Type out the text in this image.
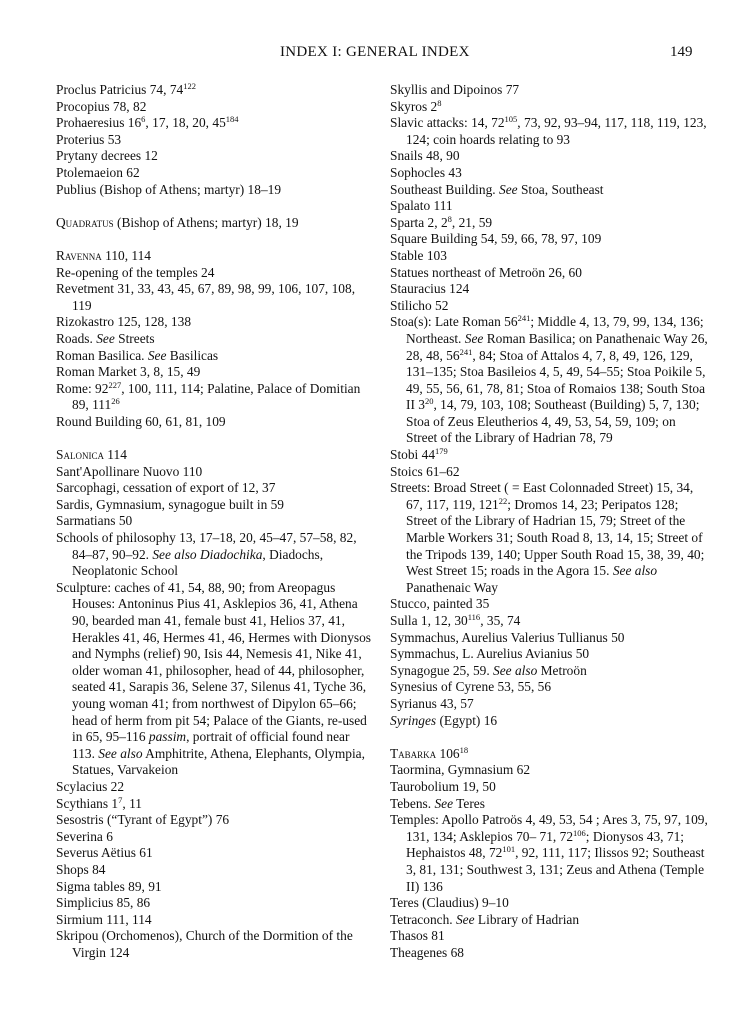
INDEX I: GENERAL INDEX	149
Proclus Patricius 74, $74^{122}$
Procopius 78, 82
Prohaeresius $16^6$, 17, 18, 20, $45^{184}$
Proterius 53
Prytany decrees 12
Ptolemaeion 62
Publius (Bishop of Athens; martyr) 18–19
Quadratus (Bishop of Athens; martyr) 18, 19
Ravenna 110, 114
Re-opening of the temples 24
Revetment 31, 33, 43, 45, 67, 89, 98, 99, 106, 107, 108, 119
Rizokastro 125, 128, 138
Roads. See Streets
Roman Basilica. See Basilicas
Roman Market 3, 8, 15, 49
Rome: $92^{227}$, 100, 111, 114; Palatine, Palace of Domitian 89, $111^{26}$
Round Building 60, 61, 81, 109
Salonica 114
Sant'Apollinare Nuovo 110
Sarcophagi, cessation of export of 12, 37
Sardis, Gymnasium, synagogue built in 59
Sarmatians 50
Schools of philosophy 13, 17–18, 20, 45–47, 57–58, 82, 84–87, 90–92. See also Diadochika, Diadochs, Neoplatonic School
Sculpture: caches of 41, 54, 88, 90; from Areopagus Houses: Antoninus Pius 41, Asklepios 36, 41, Athena 90, bearded man 41, female bust 41, Helios 37, 41, Herakles 41, 46, Hermes 41, 46, Hermes with Dionysos and Nymphs (relief) 90, Isis 44, Nemesis 41, Nike 41, older woman 41, philosopher, head of 44, philosopher, seated 41, Sarapis 36, Selene 37, Silenus 41, Tyche 36, young woman 41; from northwest of Dipylon 65–66; head of herm from pit 54; Palace of the Giants, re-used in 65, 95–116 passim, portrait of official found near 113. See also Amphitrite, Athena, Elephants, Olympia, Statues, Varvakeion
Scylacius 22
Scythians $1^7$, 11
Sesostris (“Tyrant of Egypt”) 76
Severina 6
Severus Aëtius 61
Shops 84
Sigma tables 89, 91
Simplicius 85, 86
Sirmium 111, 114
Skripou (Orchomenos), Church of the Dormition of the Virgin 124
Skyllis and Dipoinos 77
Skyros $2^8$
Slavic attacks: 14, $72^{105}$, 73, 92, 93–94, 117, 118, 119, 123, 124; coin hoards relating to 93
Snails 48, 90
Sophocles 43
Southeast Building. See Stoa, Southeast
Spalato 111
Sparta 2, $2^8$, 21, 59
Square Building 54, 59, 66, 78, 97, 109
Stable 103
Statues northeast of Metroön 26, 60
Stauracius 124
Stilicho 52
Stoa(s): Late Roman $56^{241}$; Middle 4, 13, 79, 99, 134, 136; Northeast. See Roman Basilica; on Panathenaic Way 26, 28, 48, $56^{241}$, 84; Stoa of Attalos 4, 7, 8, 49, 126, 129, 131–135; Stoa Basileios 4, 5, 49, 54–55; Stoa Poikile 5, 49, 55, 56, 61, 78, 81; Stoa of Romaios 138; South Stoa II $3^{20}$, 14, 79, 103, 108; Southeast (Building) 5, 7, 130; Stoa of Zeus Eleutherios 4, 49, 53, 54, 59, 109; on Street of the Library of Hadrian 78, 79
Stobi $44^{179}$
Stoics 61–62
Streets: Broad Street ( = East Colonnaded Street) 15, 34, 67, 117, 119, $121^{22}$; Dromos 14, 23; Peripatos 128; Street of the Library of Hadrian 15, 79; Street of the Marble Workers 31; South Road 8, 13, 14, 15; Street of the Tripods 139, 140; Upper South Road 15, 38, 39, 40; West Street 15; roads in the Agora 15. See also Panathenaic Way
Stucco, painted 35
Sulla 1, 12, $30^{116}$, 35, 74
Symmachus, Aurelius Valerius Tullianus 50
Symmachus, L. Aurelius Avianius 50
Synagogue 25, 59. See also Metroön
Synesius of Cyrene 53, 55, 56
Syrianus 43, 57
Syringes (Egypt) 16
Tabarka $106^{18}$
Taormina, Gymnasium 62
Taurobolium 19, 50
Tebens. See Teres
Temples: Apollo Patroös 4, 49, 53, 54 ; Ares 3, 75, 97, 109, 131, 134; Asklepios 70– 71, $72^{106}$; Dionysos 43, 71; Hephaistos 48, $72^{101}$, 92, 111, 117; Ilissos 92; Southeast 3, 81, 131; Southwest 3, 131; Zeus and Athena (Temple II) 136
Teres (Claudius) 9–10
Tetraconch. See Library of Hadrian
Thasos 81
Theagenes 68
